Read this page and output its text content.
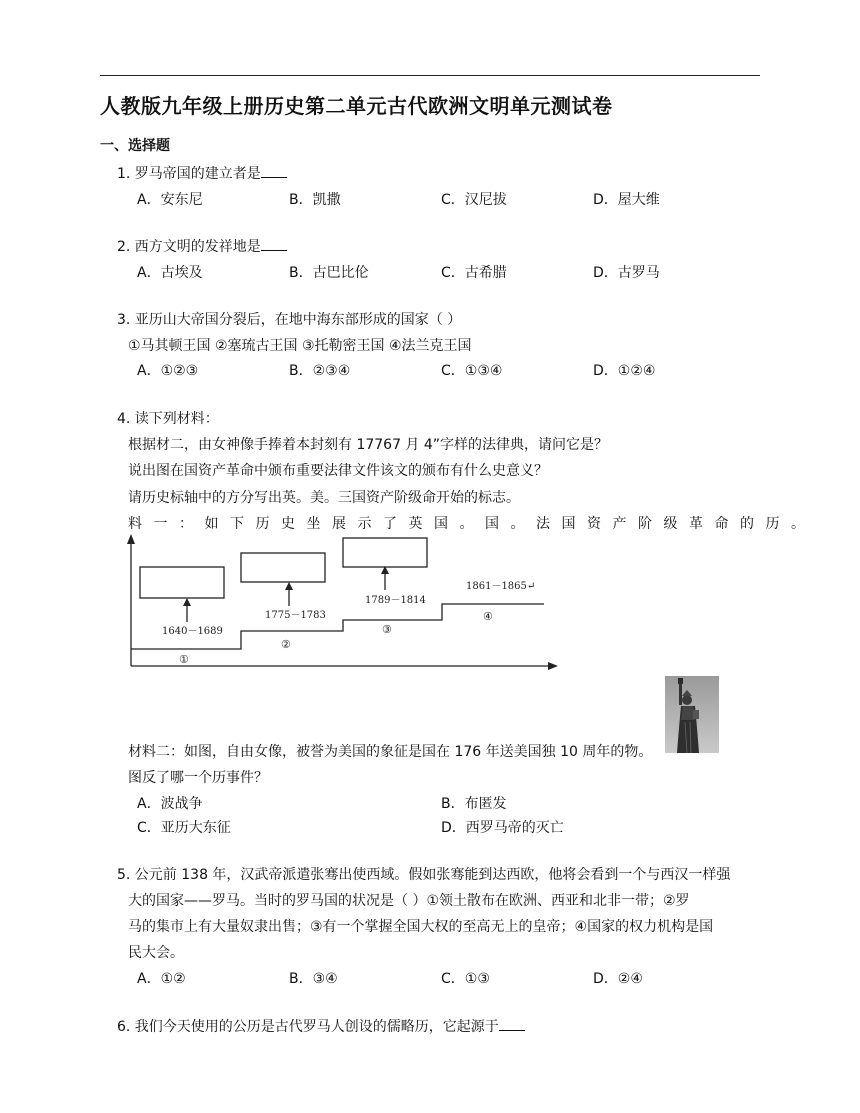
人教版九年级上册历史第二单元古代欧洲文明单元测试卷
一、选择题
1. 罗马帝国的建立者是
A．安东尼	B．凯撒	C．汉尼拔	D．屋大维
2. 西方文明的发祥地是
A．古埃及	B．古巴比伦	C．古希腊	D．古罗马
3. 亚历山大帝国分裂后，在地中海东部形成的国家（ ）
①马其顿王国 ②塞琉古王国 ③托勒密王国 ④法兰克王国
A．①②③	B．②③④	C．①③④	D．①②④
4. 读下列材料：
根据材二，由女神像手捧着本封刻有 17767 月 4”字样的法律典，请问它是？
说出图在国资产革命中颁布重要法律文件该文的颁布有什么史意义？
请历史标轴中的方分写出英。美。三国资产阶级命开始的标志。
料一：如下历史坐展示了英国。国。法国资产阶级革命的历。
1640－1689
1775－1783
1789－1814
1861－1865↵
①
②
③
④
材料二：如图，自由女像，被誉为美国的象征是国在 176 年送美国独 10 周年的物。
图反了哪一个历事件？
A．波战争	B．布匿发
C．亚历大东征	D．西罗马帝的灭亡
5. 公元前 138 年，汉武帝派遣张骞出使西域。假如张骞能到达西欧，他将会看到一个与西汉一样强
大的国家——罗马。当时的罗马国的状况是（ ）①领土散布在欧洲、西亚和北非一带；②罗
马的集市上有大量奴隶出售；③有一个掌握全国大权的至高无上的皇帝；④国家的权力机构是国
民大会。
A．①②	B．③④	C．①③	D．②④
6. 我们今天使用的公历是古代罗马人创设的儒略历，它起源于
